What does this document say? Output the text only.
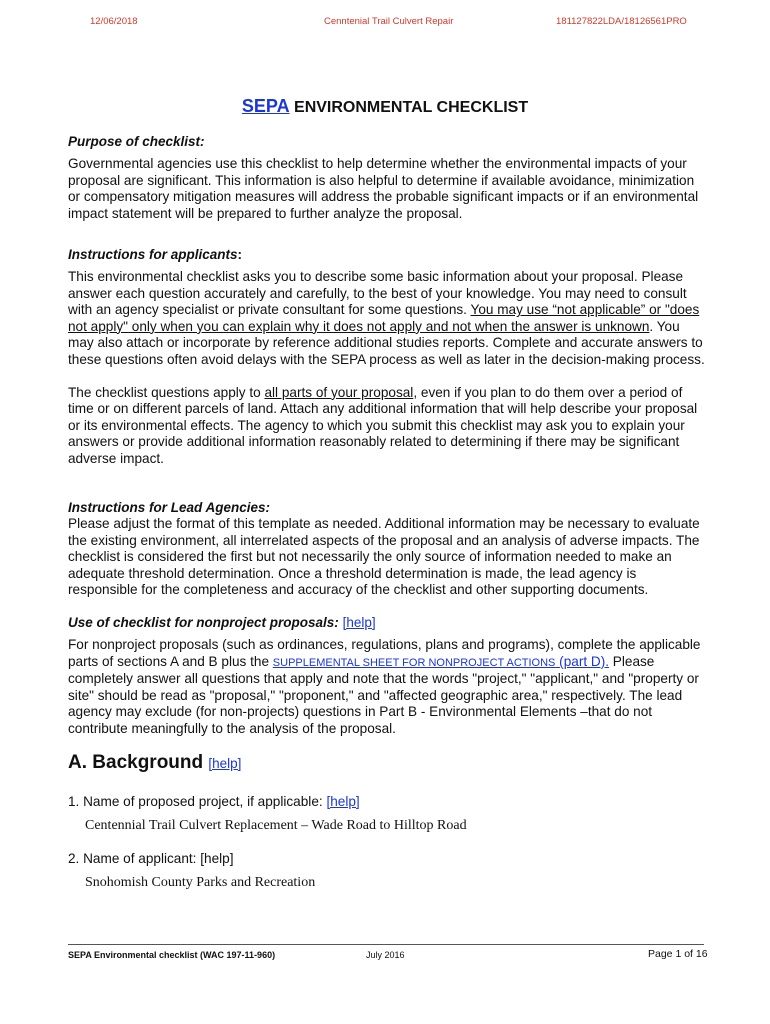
12/06/2018	Cenntenial Trail Culvert Repair	181127822LDA/18126561PRO
SEPA ENVIRONMENTAL CHECKLIST
Purpose of checklist:

Governmental agencies use this checklist to help determine whether the environmental impacts of your proposal are significant. This information is also helpful to determine if available avoidance, minimization or compensatory mitigation measures will address the probable significant impacts or if an environmental impact statement will be prepared to further analyze the proposal.

Instructions for applicants:

This environmental checklist asks you to describe some basic information about your proposal. Please answer each question accurately and carefully, to the best of your knowledge. You may need to consult with an agency specialist or private consultant for some questions. You may use “not applicable” or "does not apply" only when you can explain why it does not apply and not when the answer is unknown. You may also attach or incorporate by reference additional studies reports. Complete and accurate answers to these questions often avoid delays with the SEPA process as well as later in the decision-making process.

The checklist questions apply to all parts of your proposal, even if you plan to do them over a period of time or on different parcels of land. Attach any additional information that will help describe your proposal or its environmental effects. The agency to which you submit this checklist may ask you to explain your answers or provide additional information reasonably related to determining if there may be significant adverse impact.

Instructions for Lead Agencies:

Please adjust the format of this template as needed. Additional information may be necessary to evaluate the existing environment, all interrelated aspects of the proposal and an analysis of adverse impacts. The checklist is considered the first but not necessarily the only source of information needed to make an adequate threshold determination. Once a threshold determination is made, the lead agency is responsible for the completeness and accuracy of the checklist and other supporting documents.

Use of checklist for nonproject proposals: [help]

For nonproject proposals (such as ordinances, regulations, plans and programs), complete the applicable parts of sections A and B plus the SUPPLEMENTAL SHEET FOR NONPROJECT ACTIONS (part D). Please completely answer all questions that apply and note that the words "project," "applicant," and "property or site" should be read as "proposal," "proponent," and "affected geographic area," respectively. The lead agency may exclude (for non-projects) questions in Part B - Environmental Elements –that do not contribute meaningfully to the analysis of the proposal.

A. Background [help]
1. Name of proposed project, if applicable: [help]
Centennial Trail Culvert Replacement – Wade Road to Hilltop Road
2. Name of applicant: [help]
Snohomish County Parks and Recreation
SEPA Environmental checklist (WAC 197-11-960)	July 2016	Page 1 of 16
